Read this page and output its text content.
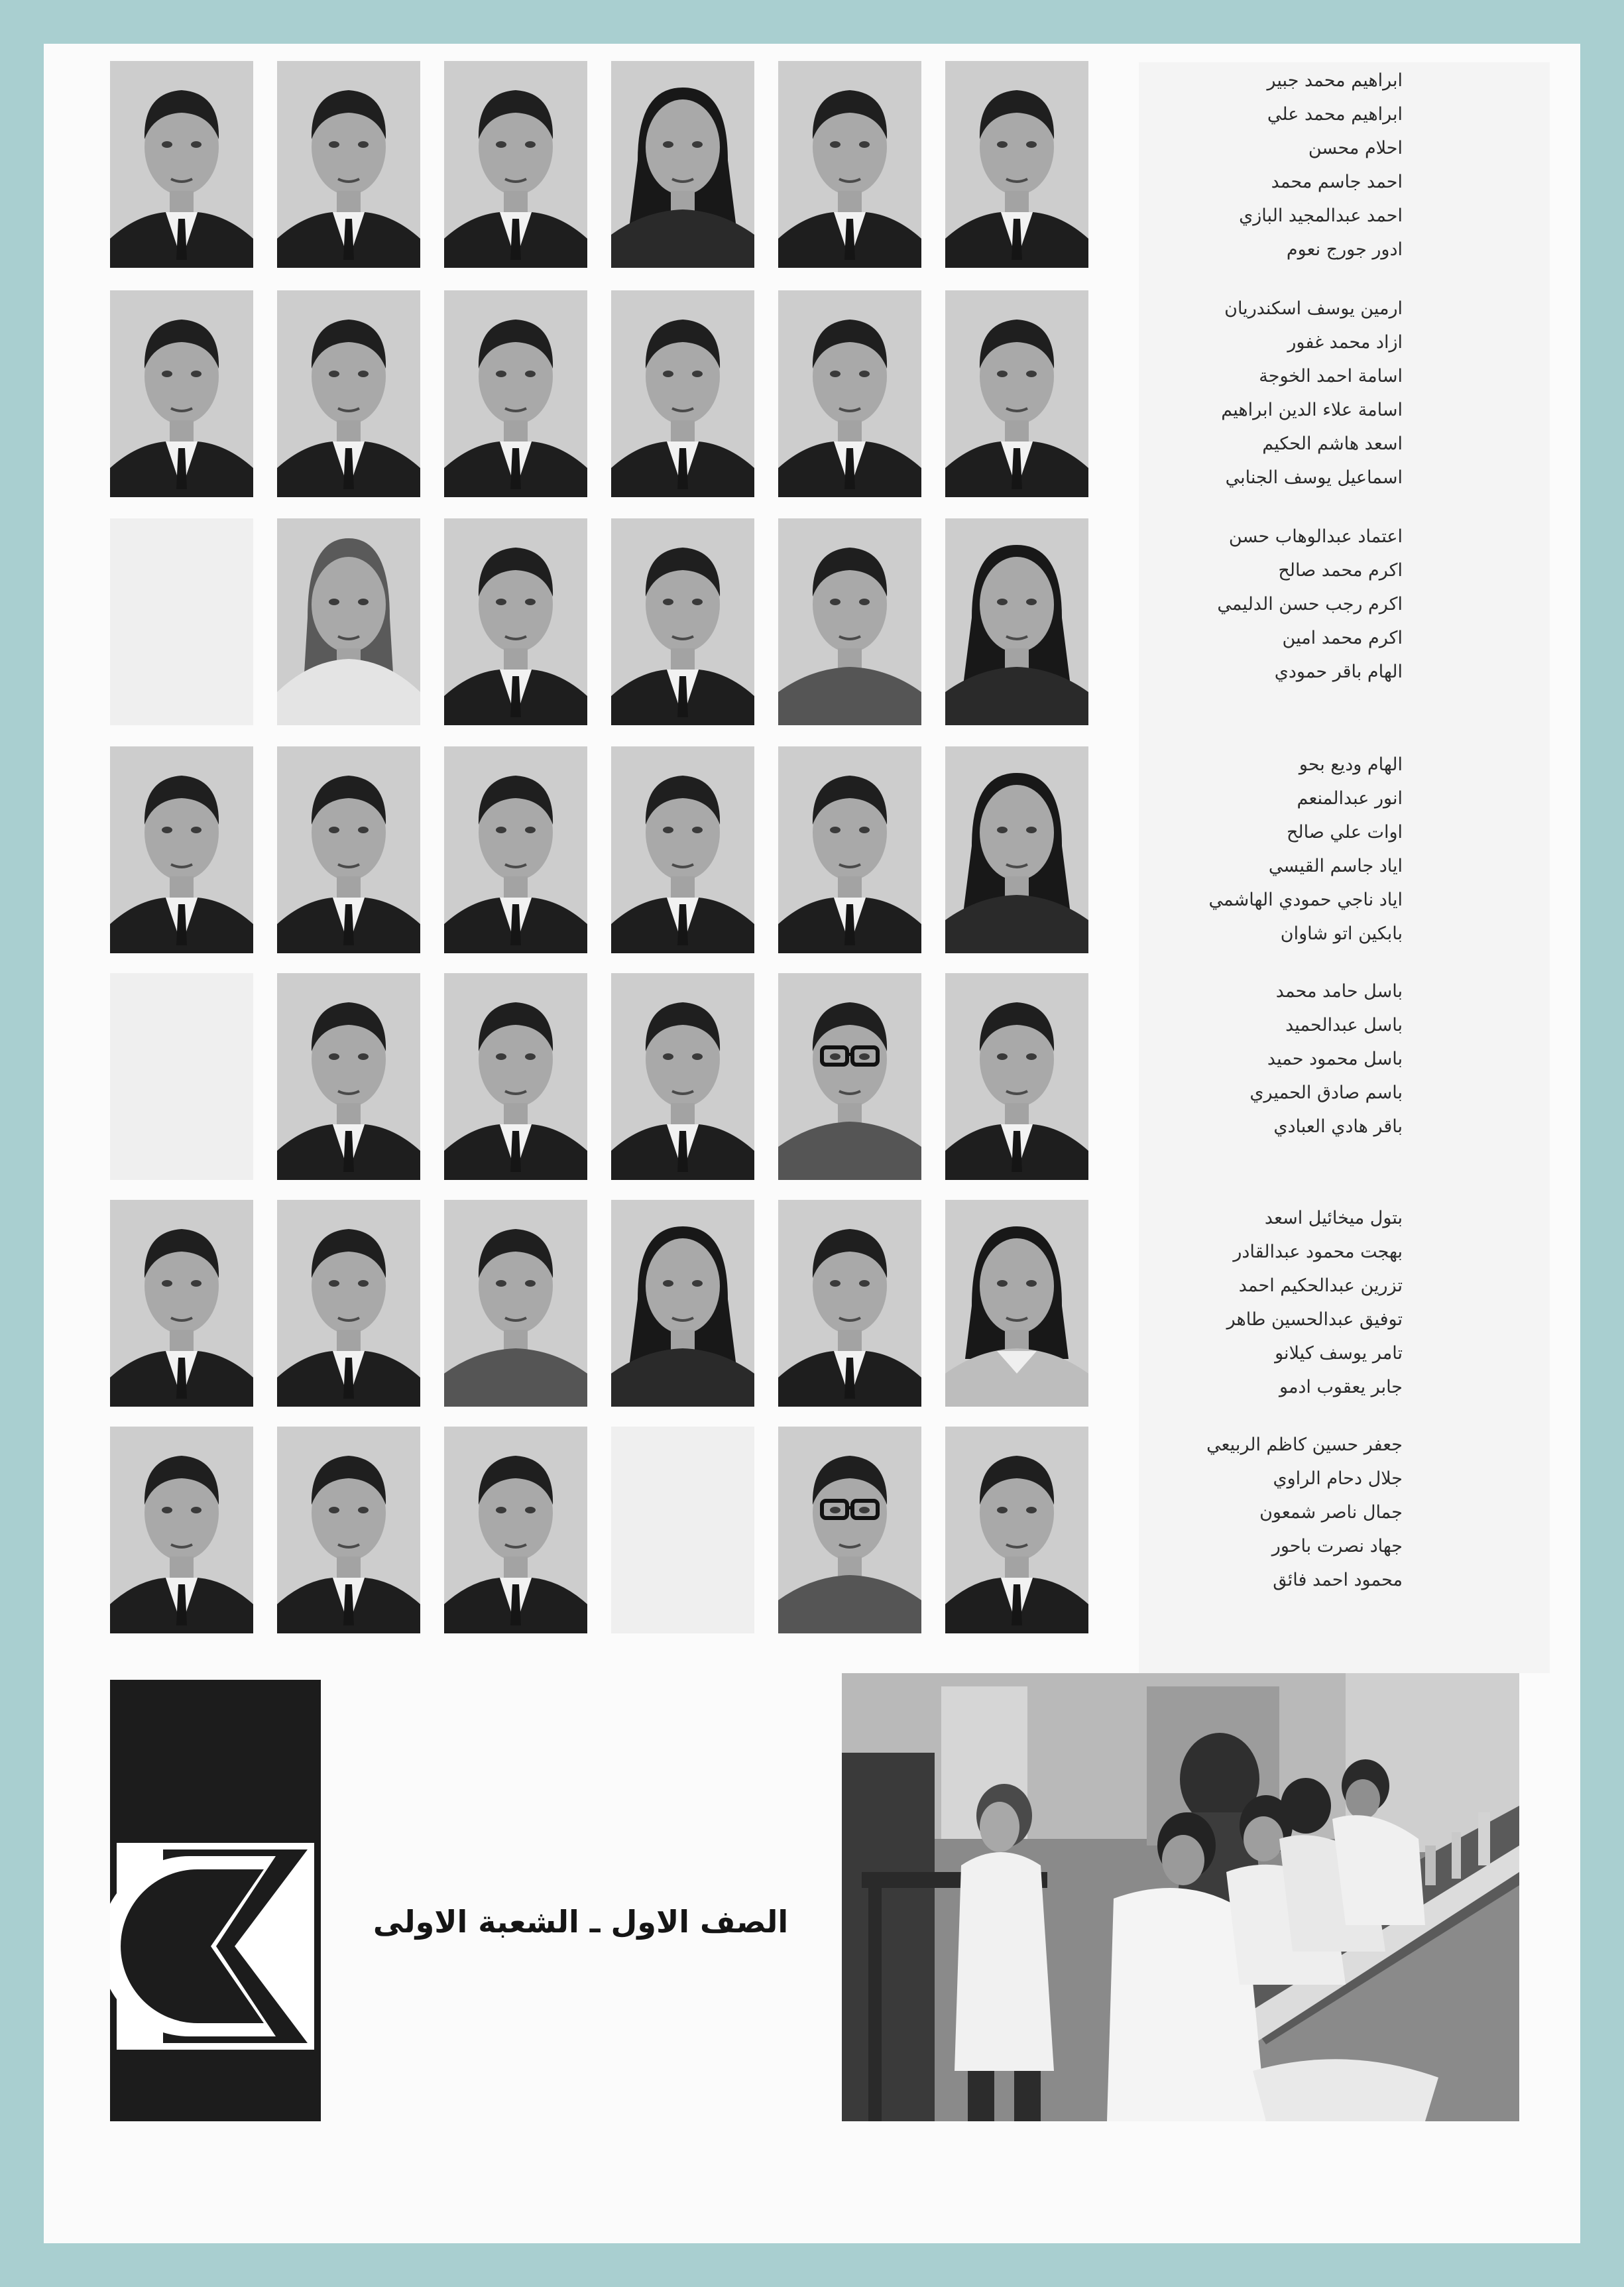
ابراهيم محمد جبير
ابراهيم محمد علي
احلام محسن
احمد جاسم محمد
احمد عبدالمجيد البازي
ادور جورج نعوم
ارمين يوسف اسكندريان
ازاد محمد غفور
اسامة احمد الخوجة
اسامة علاء الدين ابراهيم
اسعد هاشم الحكيم
اسماعيل يوسف الجنابي
اعتماد عبدالوهاب حسن
اكرم محمد صالح
اكرم رجب حسن الدليمي
اكرم محمد امين
الهام باقر حمودي
الهام وديع بحو
انور عبدالمنعم
اوات علي صالح
اياد جاسم القيسي
اياد ناجي حمودي الهاشمي
بابكين اتو شاوان
باسل حامد محمد
باسل عبدالحميد
باسل محمود حميد
باسم صادق الحميري
باقر هادي العبادي
بتول ميخائيل اسعد
بهجت محمود عبدالقادر
تزرين عبدالحكيم احمد
توفيق عبدالحسين طاهر
تامر يوسف كيلانو
جابر يعقوب ادمو
جعفر حسين كاظم الربيعي
جلال دحام الراوي
جمال ناصر شمعون
جهاد نصرت باحور
محمود احمد فائق
الصف الاول ـ الشعبة الاولى
